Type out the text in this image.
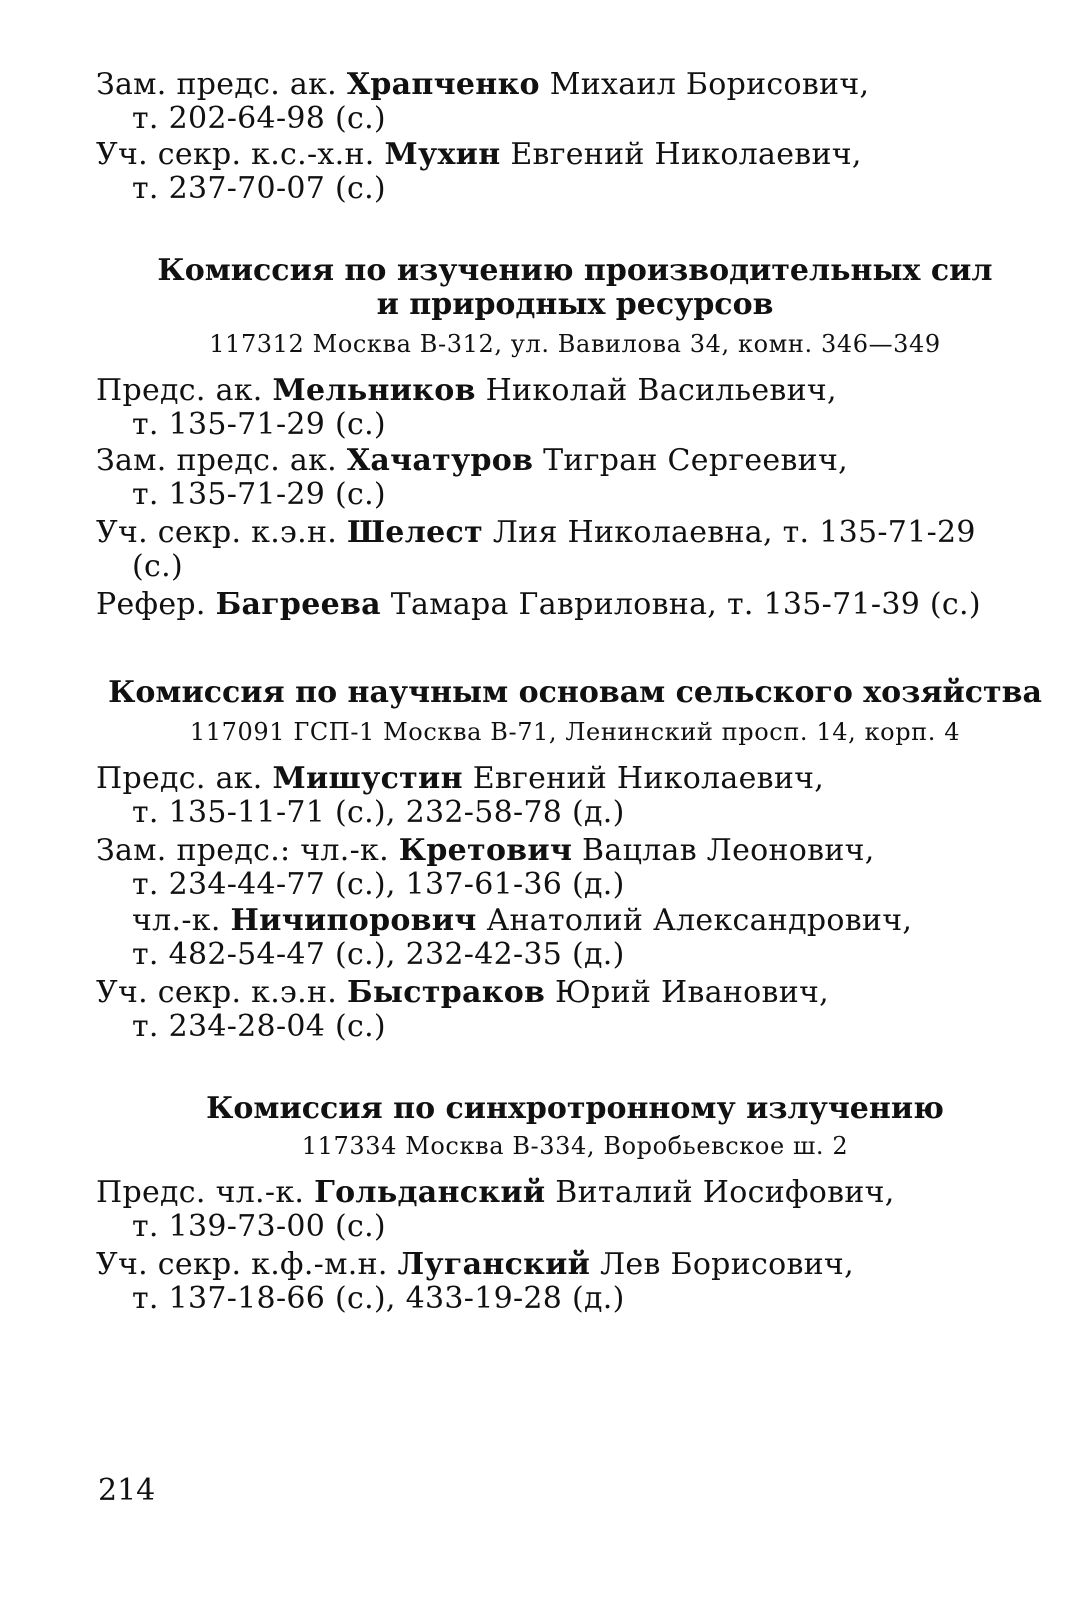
Зам. предс. ак. Храпченко Михаил Борисович,
т. 202-64-98 (с.)
Уч. секр. к.с.-х.н. Мухин Евгений Николаевич,
т. 237-70-07 (с.)
Комиссия по изучению производительных сил
и природных ресурсов
117312 Москва В-312, ул. Вавилова 34, комн. 346—349
Предс. ак. Мельников Николай Васильевич,
т. 135-71-29 (с.)
Зам. предс. ак. Хачатуров Тигран Сергеевич,
т. 135-71-29 (с.)
Уч. секр. к.э.н. Шелест Лия Николаевна, т. 135-71-29
(с.)
Рефер. Багреева Тамара Гавриловна, т. 135-71-39 (с.)
Комиссия по научным основам сельского хозяйства
117091 ГСП-1 Москва В-71, Ленинский просп. 14, корп. 4
Предс. ак. Мишустин Евгений Николаевич,
т. 135-11-71 (с.), 232-58-78 (д.)
Зам. предс.: чл.-к. Кретович Вацлав Леонович,
т. 234-44-77 (с.), 137-61-36 (д.)
чл.-к. Ничипорович Анатолий Александрович,
т. 482-54-47 (с.), 232-42-35 (д.)
Уч. секр. к.э.н. Быстраков Юрий Иванович,
т. 234-28-04 (с.)
Комиссия по синхротронному излучению
117334 Москва В-334, Воробьевское ш. 2
Предс. чл.-к. Гольданский Виталий Иосифович,
т. 139-73-00 (с.)
Уч. секр. к.ф.-м.н. Луганский Лев Борисович,
т. 137-18-66 (с.), 433-19-28 (д.)
214
